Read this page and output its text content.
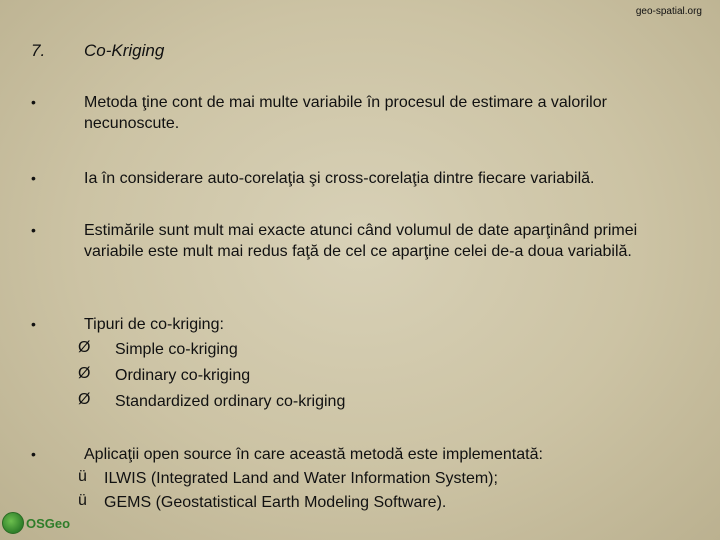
geo-spatial.org
7. Co-Kriging
•	Metoda ţine cont de mai multe variabile în procesul de estimare a valorilor necunoscute.
•	Ia în considerare auto-corelaţia şi cross-corelaţia dintre fiecare variabilă.
•	Estimările sunt mult mai exacte atunci când volumul de date aparţinând primei variabile este mult mai redus faţă de cel ce aparţine celei de-a doua variabilă.
•	Tipuri de co-kriging:
Ø Simple co-kriging
Ø Ordinary co-kriging
Ø Standardized ordinary co-kriging
•	Aplicaţii open source în care această metodă este implementată:
ü ILWIS (Integrated Land and Water Information System);
ü GEMS (Geostatistical Earth Modeling Software).
OSGeo
